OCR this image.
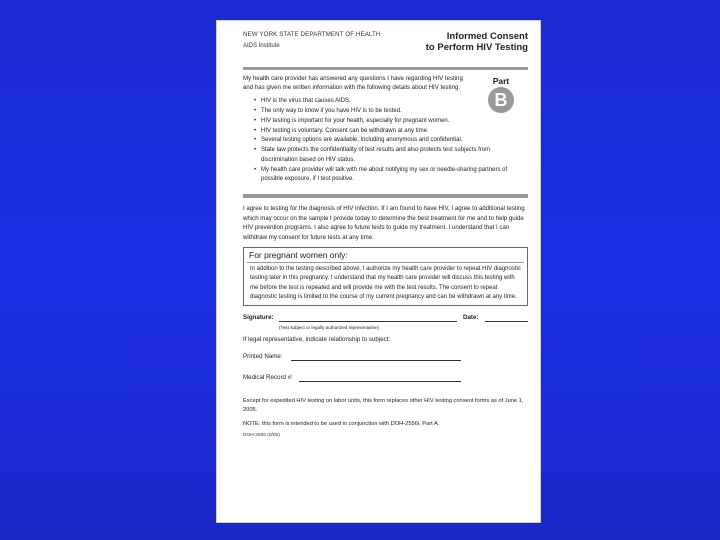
NEW YORK STATE DEPARTMENT OF HEALTH
AIDS Institute
Informed Consent
to Perform HIV Testing
My health care provider has answered any questions I have regarding HIV testing and has given me written information with the following details about HIV testing:
Part
B
• HIV is the virus that causes AIDS.
• The only way to know if you have HIV is to be tested.
• HIV testing is important for your health, especially for pregnant women.
• HIV testing is voluntary. Consent can be withdrawn at any time.
• Several testing options are available, including anonymous and confidential.
• State law protects the confidentiality of test results and also protects test subjects from discrimination based on HIV status.
• My health care provider will talk with me about notifying my sex or needle-sharing partners of possible exposure, if I test positive.
I agree to testing for the diagnosis of HIV infection. If I am found to have HIV, I agree to additional testing which may occur on the sample I provide today to determine the best treatment for me and to help guide HIV prevention programs. I also agree to future tests to guide my treatment. I understand that I can withdraw my consent for future tests at any time.
For pregnant women only:
In addition to the testing described above, I authorize my health care provider to repeat HIV diagnostic testing later in this pregnancy. I understand that my health care provider will discuss this testing with me before the test is repeated and will provide me with the test results. The consent to repeat diagnostic testing is limited to the course of my current pregnancy and can be withdrawn at any time.
Signature:	Date:
(Test subject or legally authorized representative)
If legal representative, indicate relationship to subject:
Printed Name:
Medical Record #:
Except for expedited HIV testing on labor units, this form replaces other HIV testing consent forms as of June 1, 2005.
NOTE: this form is intended to be used in conjunction with DOH-2556i, Part A.
DOH-2556 (5/05)
